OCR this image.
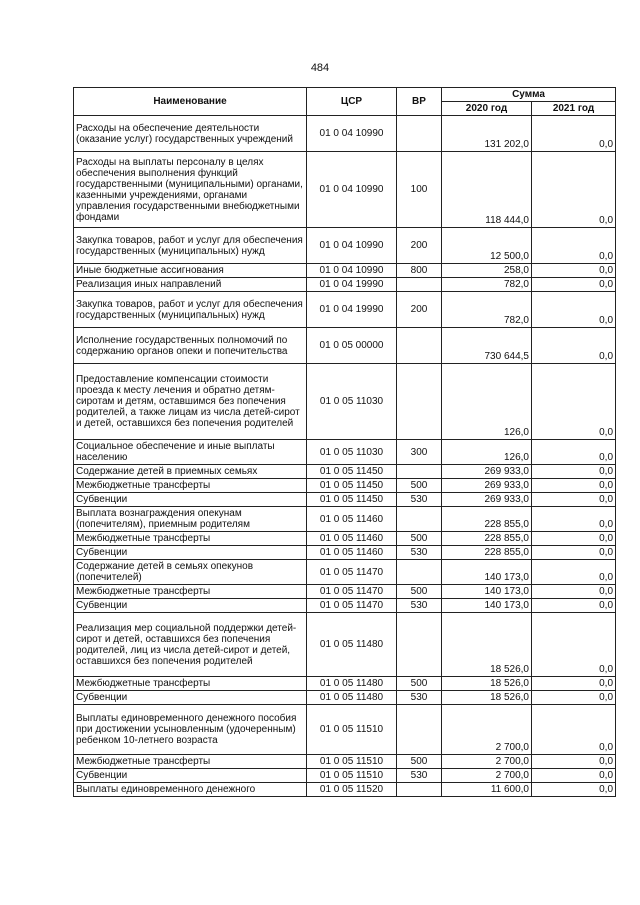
484
Наименование	ЦСР	ВР	Сумма	
			2020 год	2021 год
Расходы на обеспечение деятельности (оказание услуг) государственных учреждений	01 0 04 10990		131 202,0	0,0
Расходы на выплаты персоналу в целях обеспечения выполнения функций государственными (муниципальными) органами, казенными учреждениями, органами управления государственными внебюджетными фондами	01 0 04 10990	100	118 444,0	0,0
Закупка товаров, работ и услуг для обеспечения государственных (муниципальных) нужд	01 0 04 10990	200	12 500,0	0,0
Иные бюджетные ассигнования	01 0 04 10990	800	258,0	0,0
Реализация иных направлений	01 0 04 19990		782,0	0,0
Закупка товаров, работ и услуг для обеспечения государственных (муниципальных) нужд	01 0 04 19990	200	782,0	0,0
Исполнение государственных полномочий по содержанию органов опеки и попечительства	01 0 05 00000		730 644,5	0,0
Предоставление компенсации стоимости проезда к месту лечения и обратно детям-сиротам и детям, оставшимся без попечения родителей, а также лицам из числа детей-сирот и детей, оставшихся без попечения родителей	01 0 05 11030		126,0	0,0
Социальное обеспечение и иные выплаты населению	01 0 05 11030	300	126,0	0,0
Содержание детей в приемных семьях	01 0 05 11450		269 933,0	0,0
Межбюджетные трансферты	01 0 05 11450	500	269 933,0	0,0
Субвенции	01 0 05 11450	530	269 933,0	0,0
Выплата вознаграждения опекунам (попечителям), приемным родителям	01 0 05 11460		228 855,0	0,0
Межбюджетные трансферты	01 0 05 11460	500	228 855,0	0,0
Субвенции	01 0 05 11460	530	228 855,0	0,0
Содержание детей в семьях опекунов (попечителей)	01 0 05 11470		140 173,0	0,0
Межбюджетные трансферты	01 0 05 11470	500	140 173,0	0,0
Субвенции	01 0 05 11470	530	140 173,0	0,0
Реализация мер социальной поддержки детей-сирот и детей, оставшихся без попечения родителей, лиц из числа детей-сирот и детей, оставшихся без попечения родителей	01 0 05 11480		18 526,0	0,0
Межбюджетные трансферты	01 0 05 11480	500	18 526,0	0,0
Субвенции	01 0 05 11480	530	18 526,0	0,0
Выплаты единовременного денежного пособия при достижении усыновленным (удочеренным) ребенком 10-летнего возраста	01 0 05 11510		2 700,0	0,0
Межбюджетные трансферты	01 0 05 11510	500	2 700,0	0,0
Субвенции	01 0 05 11510	530	2 700,0	0,0
Выплаты единовременного денежного	01 0 05 11520		11 600,0	0,0
